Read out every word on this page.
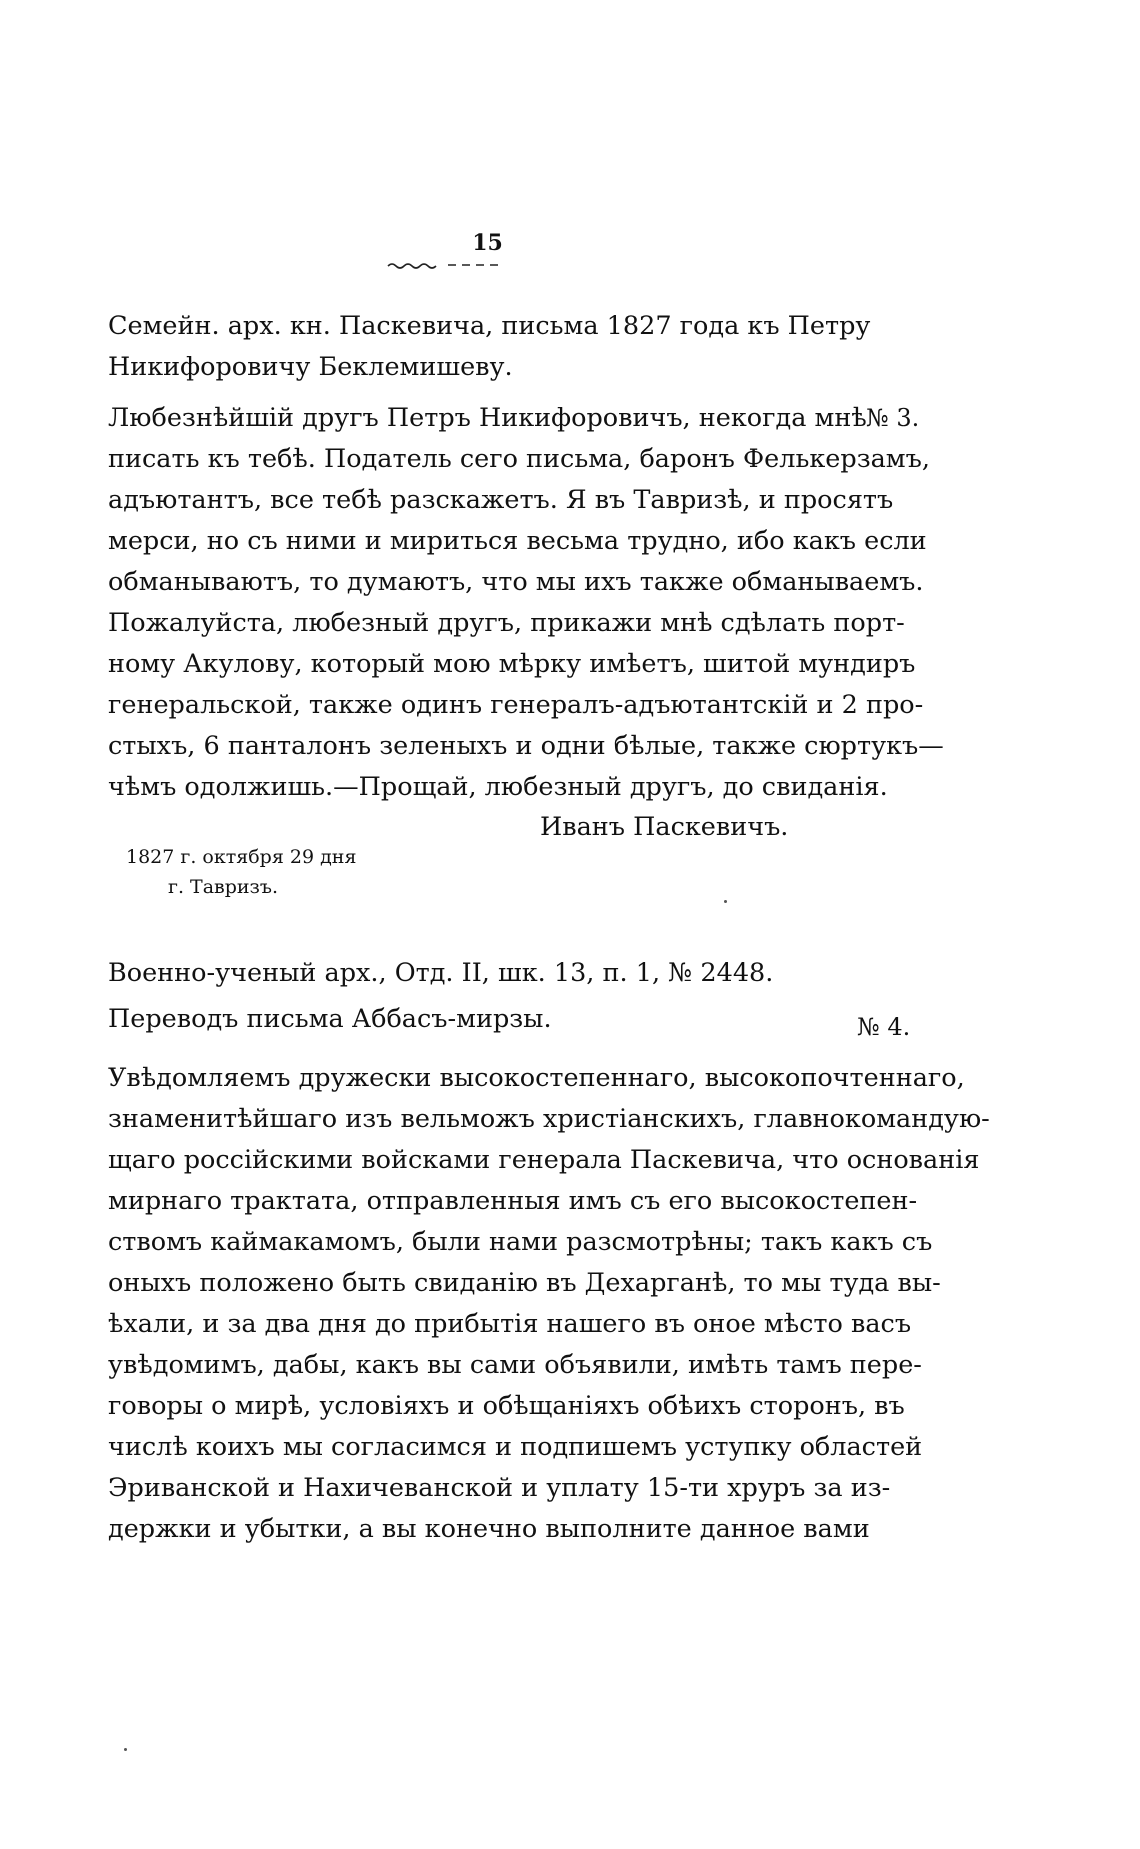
15
Семейн. арх. кн. Паскевича, письма 1827 года къ Петру
Никифоровичу Беклемишеву.
№ 3.
Любезнѣйшій другъ Петръ Никифоровичъ, некогда мнѣ
писать къ тебѣ. Податель сего письма, баронъ Фелькерзамъ,
адъютантъ, все тебѣ разскажетъ. Я въ Тавризѣ, и просятъ
мерси, но съ ними и мириться весьма трудно, ибо какъ если
обманываютъ, то думаютъ, что мы ихъ также обманываемъ.
Пожалуйста, любезный другъ, прикажи мнѣ сдѣлать порт-
ному Акулову, который мою мѣрку имѣетъ, шитой мундиръ
генеральской, также одинъ генералъ-адъютантскій и 2 про-
стыхъ, 6 панталонъ зеленыхъ и одни бѣлые, также сюртукъ—
чѣмъ одолжишь.—Прощай, любезный другъ, до свиданія.
Иванъ Паскевичъ.
1827 г. октября 29 дня
г. Тавризъ.
Военно-ученый арх., Отд. II, шк. 13, п. 1, № 2448.
Переводъ письма Аббасъ-мирзы.	№ 4.
Увѣдомляемъ дружески высокостепеннаго, высокопочтеннаго,
знаменитѣйшаго изъ вельможъ христіанскихъ, главнокомандую-
щаго россійскими войсками генерала Паскевича, что основанія
мирнаго трактата, отправленныя имъ съ его высокостепен-
ствомъ каймакамомъ, были нами разсмотрѣны; такъ какъ съ
оныхъ положено быть свиданію въ Дехарганѣ, то мы туда вы-
ѣхали, и за два дня до прибытія нашего въ оное мѣсто васъ
увѣдомимъ, дабы, какъ вы сами объявили, имѣть тамъ пере-
говоры о мирѣ, условіяхъ и обѣщаніяхъ обѣихъ сторонъ, въ
числѣ коихъ мы согласимся и подпишемъ уступку областей
Эриванской и Нахичеванской и уплату 15-ти хруръ за из-
держки и убытки, а вы конечно выполните данное вами
